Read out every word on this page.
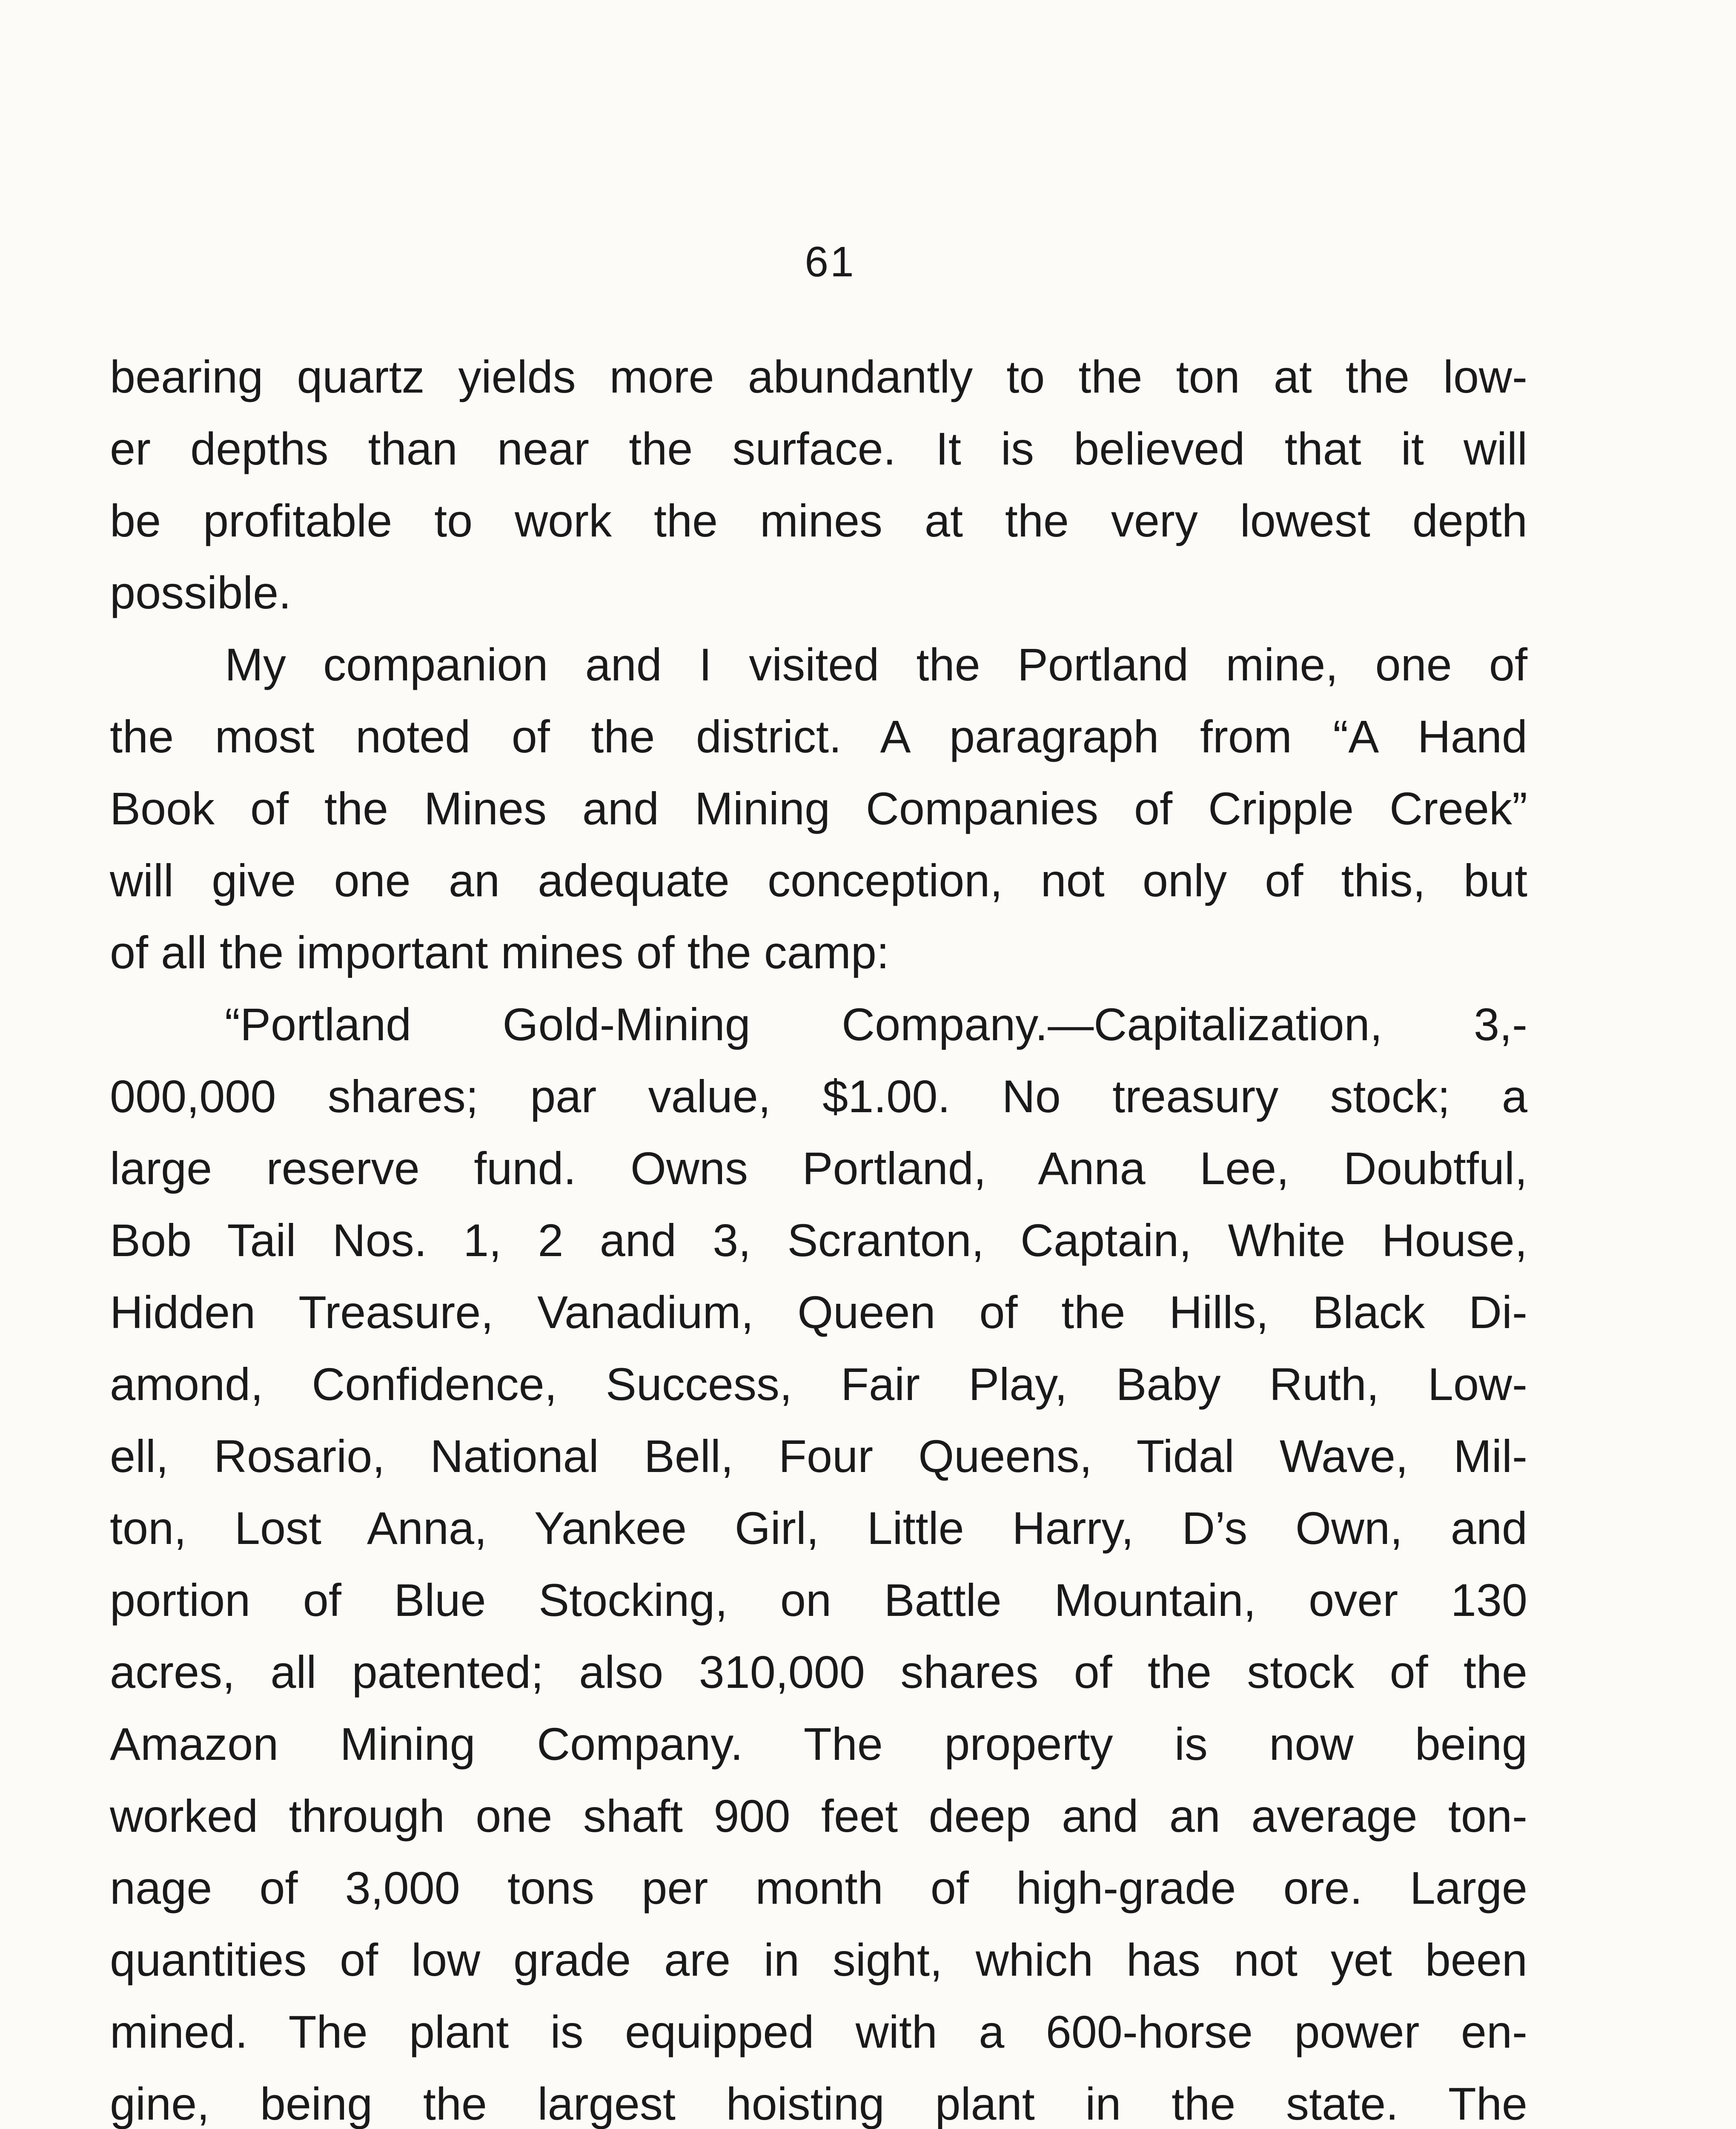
61
bearing quartz yields more abundantly to the ton at the low-
er depths than near the surface. It is believed that it will
be profitable to work the mines at the very lowest depth
possible.
My companion and I visited the Portland mine, one of
the most noted of the district. A paragraph from “A Hand
Book of the Mines and Mining Companies of Cripple Creek”
will give one an adequate conception, not only of this, but
of all the important mines of the camp:
“Portland Gold-Mining Company.—Capitalization, 3,-
000,000 shares; par value, $1.00. No treasury stock; a
large reserve fund. Owns Portland, Anna Lee, Doubtful,
Bob Tail Nos. 1, 2 and 3, Scranton, Captain, White House,
Hidden Treasure, Vanadium, Queen of the Hills, Black Di-
amond, Confidence, Success, Fair Play, Baby Ruth, Low-
ell, Rosario, National Bell, Four Queens, Tidal Wave, Mil-
ton, Lost Anna, Yankee Girl, Little Harry, D’s Own, and
portion of Blue Stocking, on Battle Mountain, over 130
acres, all patented; also 310,000 shares of the stock of the
Amazon Mining Company. The property is now being
worked through one shaft 900 feet deep and an average ton-
nage of 3,000 tons per month of high-grade ore. Large
quantities of low grade are in sight, which has not yet been
mined. The plant is equipped with a 600-horse power en-
gine, being the largest hoisting plant in the state. The
